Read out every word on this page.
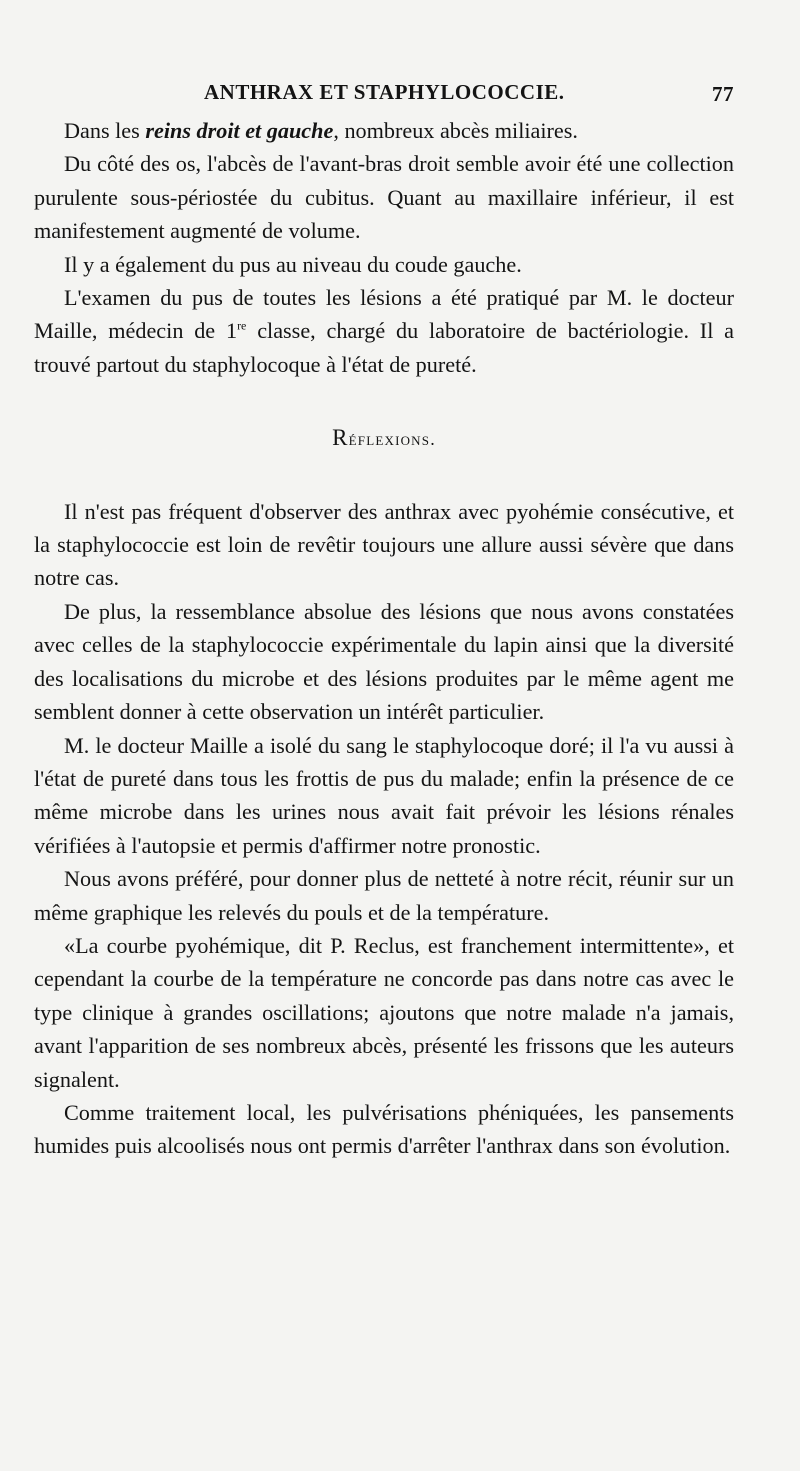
ANTHRAX ET STAPHYLOCOCCIE.	77

Dans les reins droit et gauche, nombreux abcès miliaires.

Du côté des os, l'abcès de l'avant-bras droit semble avoir été une collection purulente sous-périostée du cubitus. Quant au maxillaire inférieur, il est manifestement augmenté de volume.

Il y a également du pus au niveau du coude gauche.

L'examen du pus de toutes les lésions a été pratiqué par M. le docteur Maille, médecin de 1re classe, chargé du laboratoire de bactériologie. Il a trouvé partout du staphylocoque à l'état de pureté.

Réflexions.

Il n'est pas fréquent d'observer des anthrax avec pyohémie consécutive, et la staphylococcie est loin de revêtir toujours une allure aussi sévère que dans notre cas.

De plus, la ressemblance absolue des lésions que nous avons constatées avec celles de la staphylococcie expérimentale du lapin ainsi que la diversité des localisations du microbe et des lésions produites par le même agent me semblent donner à cette observation un intérêt particulier.

M. le docteur Maille a isolé du sang le staphylocoque doré; il l'a vu aussi à l'état de pureté dans tous les frottis de pus du malade; enfin la présence de ce même microbe dans les urines nous avait fait prévoir les lésions rénales vérifiées à l'autopsie et permis d'affirmer notre pronostic.

Nous avons préféré, pour donner plus de netteté à notre récit, réunir sur un même graphique les relevés du pouls et de la température.

«La courbe pyohémique, dit P. Reclus, est franchement intermittente», et cependant la courbe de la température ne concorde pas dans notre cas avec le type clinique à grandes oscillations; ajoutons que notre malade n'a jamais, avant l'apparition de ses nombreux abcès, présenté les frissons que les auteurs signalent.

Comme traitement local, les pulvérisations phéniquées, les pansements humides puis alcoolisés nous ont permis d'arrêter l'anthrax dans son évolution.
